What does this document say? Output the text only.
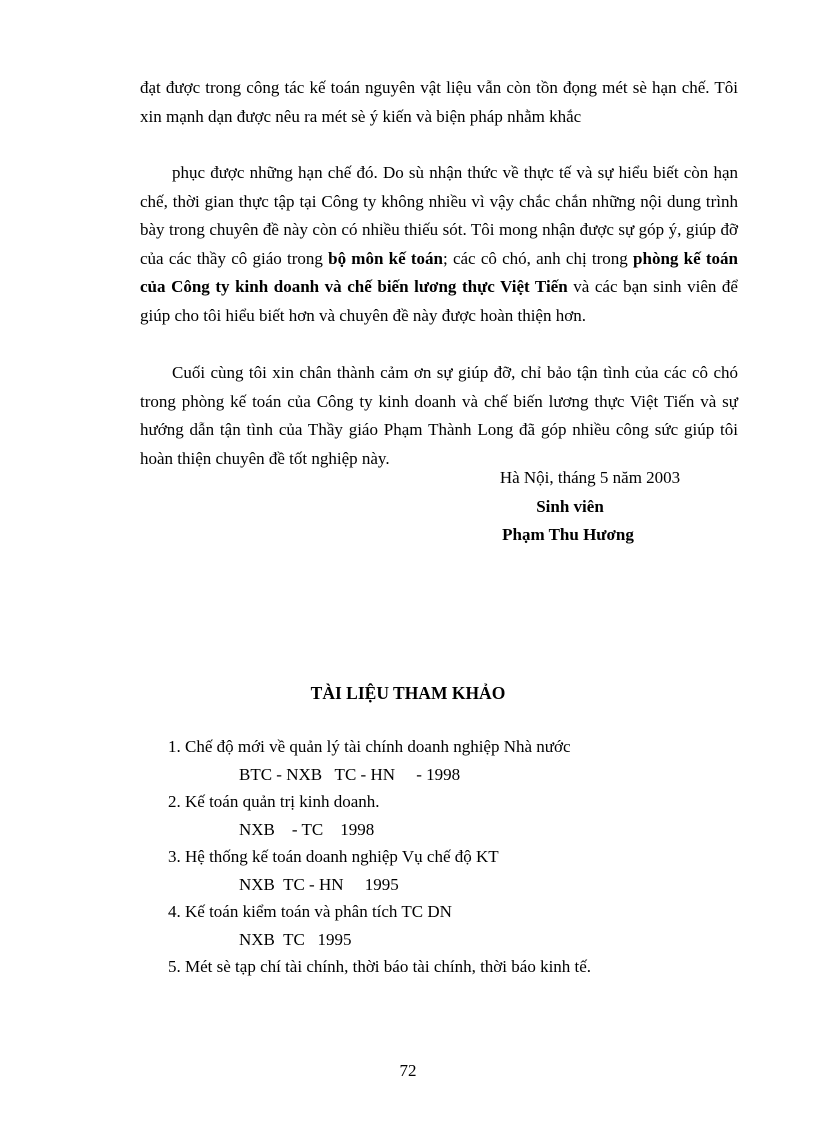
đạt được trong công tác kế toán nguyên vật liệu vẫn còn tồn đọng mét sè hạn chế. Tôi xin mạnh dạn được nêu ra mét sè ý kiến và biện pháp nhằm khắc

phục được những hạn chế đó. Do sù nhận thức về thực tế và sự hiểu biết còn hạn chế, thời gian thực tập tại Công ty không nhiều vì vậy chắc chắn những nội dung trình bày trong chuyên đề này còn có nhiều thiếu sót. Tôi mong nhận được sự góp ý, giúp đỡ của các thầy cô giáo trong bộ môn kế toán; các cô chó, anh chị trong phòng kế toán của Công ty kinh doanh và chế biến lương thực Việt Tiến và các bạn sinh viên để giúp cho tôi hiểu biết hơn và chuyên đề này được hoàn thiện hơn.

Cuối cùng tôi xin chân thành cảm ơn sự giúp đỡ, chỉ bảo tận tình của các cô chó trong phòng kế toán của Công ty kinh doanh và chế biến lương thực Việt Tiến và sự hướng dẫn tận tình của Thầy giáo Phạm Thành Long đã góp nhiều công sức giúp tôi hoàn thiện chuyên đề tốt nghiệp này.

Hà Nội, tháng 5 năm 2003

Sinh viên

Phạm Thu Hương

TÀI LIỆU THAM KHẢO
1. Chế độ mới về quản lý tài chính doanh nghiệp Nhà nước
BTC - NXB   TC - HN     - 1998
2. Kế toán quản trị kinh doanh.
NXB    - TC    1998
3. Hệ thống kế toán doanh nghiệp Vụ chế độ KT
NXB  TC - HN     1995
4. Kế toán kiểm toán và phân tích TC DN
NXB  TC   1995
5. Mét sè tạp chí tài chính, thời báo tài chính, thời báo kinh tế.

72
